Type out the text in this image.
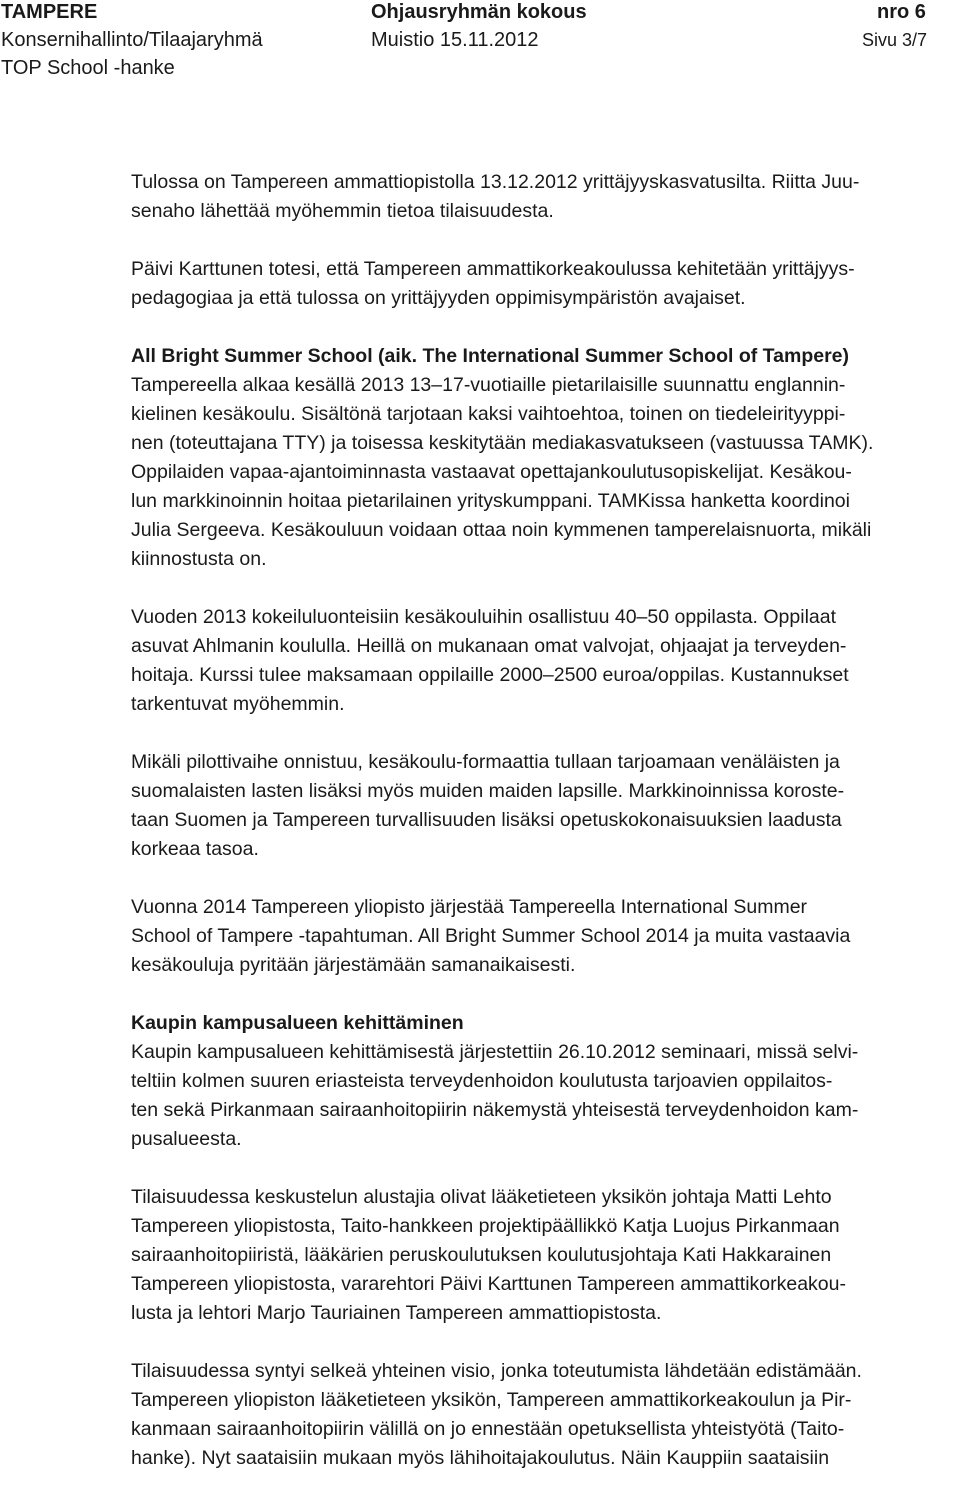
TAMPERE	Ohjausryhmän kokous	nro 6
Konsernihallinto/Tilaajaryhmä	Muistio 15.11.2012	Sivu 3/7
TOP School -hanke
Tulossa on Tampereen ammattiopistolla 13.12.2012 yrittäjyyskasvatusilta. Riitta Juu-
senaho lähettää myöhemmin tietoa tilaisuudesta.
Päivi Karttunen totesi, että Tampereen ammattikorkeakoulussa kehitetään yrittäjyys-
pedagogiaa ja että tulossa on yrittäjyyden oppimisympäristön avajaiset.
All Bright Summer School (aik. The International Summer School of Tampere)
Tampereella alkaa kesällä 2013 13–17-vuotiaille pietarilaisille suunnattu englannin-
kielinen kesäkoulu. Sisältönä tarjotaan kaksi vaihtoehtoa, toinen on tiedeleirityyppi-
nen (toteuttajana TTY) ja toisessa keskitytään mediakasvatukseen (vastuussa TAMK).
Oppilaiden vapaa-ajantoiminnasta vastaavat opettajankoulutusopiskelijat. Kesäkou-
lun markkinoinnin hoitaa pietarilainen yrityskumppani. TAMKissa hanketta koordinoi
Julia Sergeeva. Kesäkouluun voidaan ottaa noin kymmenen tamperelaisnuorta, mikäli
kiinnostusta on.
Vuoden 2013 kokeiluluonteisiin kesäkouluihin osallistuu 40–50 oppilasta. Oppilaat
asuvat Ahlmanin koululla. Heillä on mukanaan omat valvojat, ohjaajat ja terveyden-
hoitaja. Kurssi tulee maksamaan oppilaille 2000–2500 euroa/oppilas. Kustannukset
tarkentuvat myöhemmin.
Mikäli pilottivaihe onnistuu, kesäkoulu-formaattia tullaan tarjoamaan venäläisten ja
suomalaisten lasten lisäksi myös muiden maiden lapsille. Markkinoinnissa koroste-
taan Suomen ja Tampereen turvallisuuden lisäksi opetuskokonaisuuksien laadusta
korkeaa tasoa.
Vuonna 2014 Tampereen yliopisto järjestää Tampereella International Summer
School of Tampere -tapahtuman. All Bright Summer School 2014 ja muita vastaavia
kesäkouluja pyritään järjestämään samanaikaisesti.
Kaupin kampusalueen kehittäminen
Kaupin kampusalueen kehittämisestä järjestettiin 26.10.2012 seminaari, missä selvi-
teltiin kolmen suuren eriasteista terveydenhoidon koulutusta tarjoavien oppilaitos-
ten sekä Pirkanmaan sairaanhoitopiirin näkemystä yhteisestä terveydenhoidon kam-
pusalueesta.
Tilaisuudessa keskustelun alustajia olivat lääketieteen yksikön johtaja Matti Lehto
Tampereen yliopistosta, Taito-hankkeen projektipäällikkö Katja Luojus Pirkanmaan
sairaanhoitopiiristä, lääkärien peruskoulutuksen koulutusjohtaja Kati Hakkarainen
Tampereen yliopistosta, vararehtori Päivi Karttunen Tampereen ammattikorkeakou-
lusta ja lehtori Marjo Tauriainen Tampereen ammattiopistosta.
Tilaisuudessa syntyi selkeä yhteinen visio, jonka toteutumista lähdetään edistämään.
Tampereen yliopiston lääketieteen yksikön, Tampereen ammattikorkeakoulun ja Pir-
kanmaan sairaanhoitopiirin välillä on jo ennestään opetuksellista yhteistyötä (Taito-
hanke). Nyt saataisiin mukaan myös lähihoitajakoulutus. Näin Kauppiin saataisiin
